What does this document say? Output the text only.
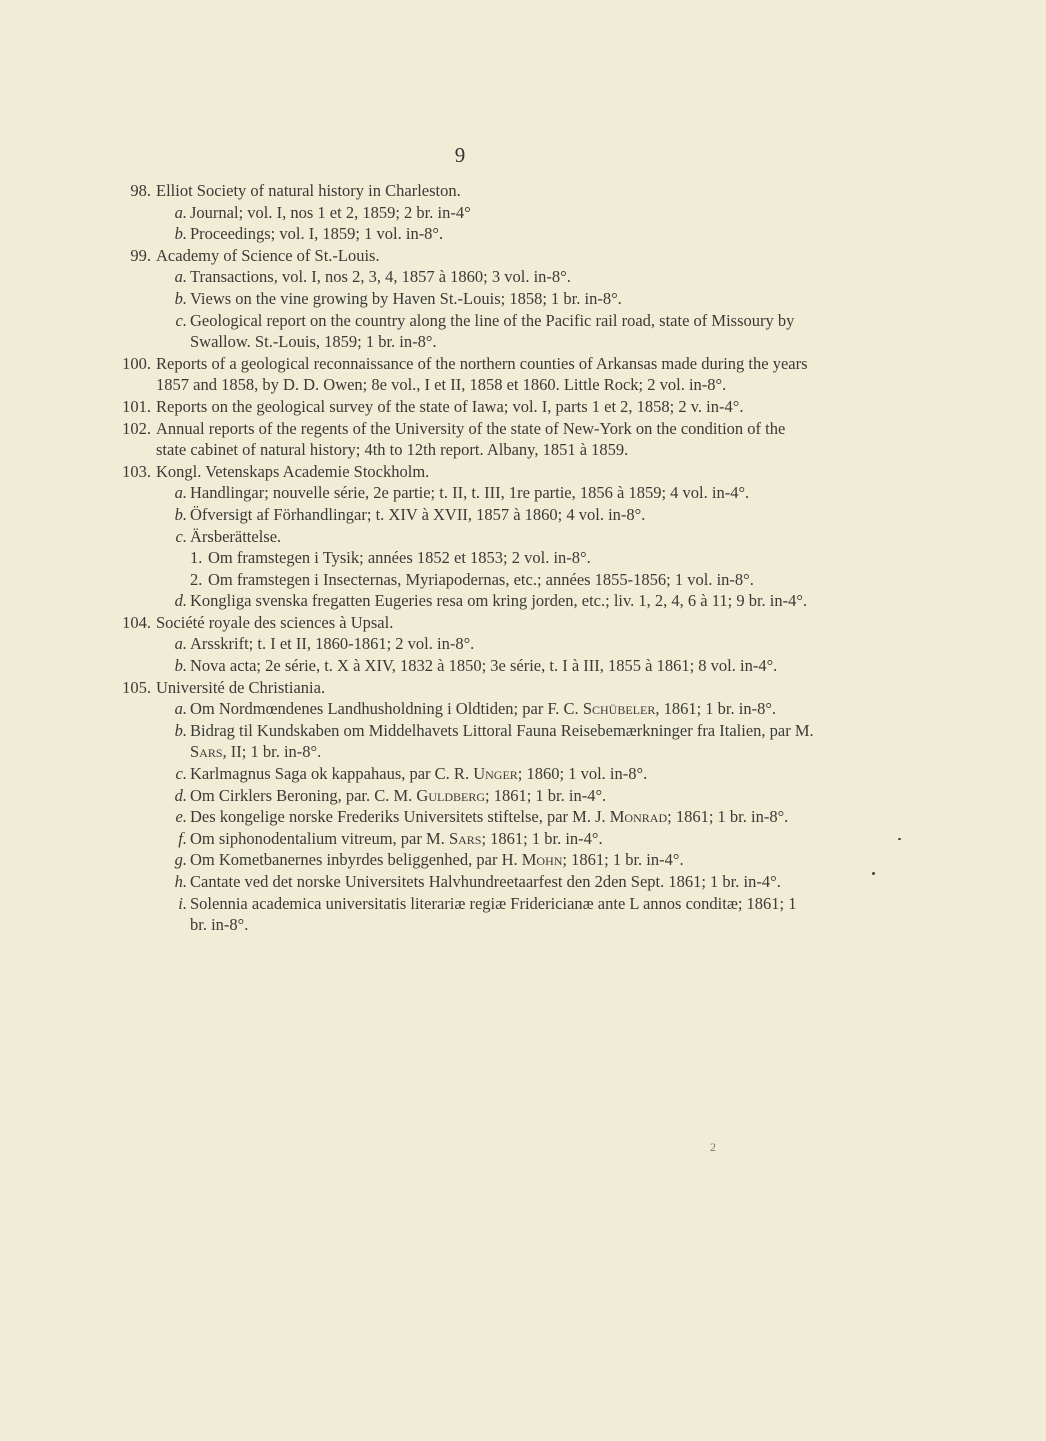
9
98. Elliot Society of natural history in Charleston.
a. Journal; vol. I, nos 1 et 2, 1859; 2 br. in-4°
b. Proceedings; vol. I, 1859; 1 vol. in-8°.
99. Academy of Science of St.-Louis.
a. Transactions, vol. I, nos 2, 3, 4, 1857 à 1860; 3 vol. in-8°.
b. Views on the vine growing by Haven St.-Louis; 1858; 1 br. in-8°.
c. Geological report on the country along the line of the Pacific rail road, state of Missoury by Swallow. St.-Louis, 1859; 1 br. in-8°.
100. Reports of a geological reconnaissance of the northern counties of Arkansas made during the years 1857 and 1858, by D. D. Owen; 8e vol., I et II, 1858 et 1860. Little Rock; 2 vol. in-8°.
101. Reports on the geological survey of the state of Iawa; vol. I, parts 1 et 2, 1858; 2 v. in-4°.
102. Annual reports of the regents of the University of the state of New-York on the condition of the state cabinet of natural history; 4th to 12th report. Albany, 1851 à 1859.
103. Kongl. Vetenskaps Academie Stockholm.
a. Handlingar; nouvelle série, 2e partie; t. II, t. III, 1re partie, 1856 à 1859; 4 vol. in-4°.
b. Öfversigt af Förhandlingar; t. XIV à XVII, 1857 à 1860; 4 vol. in-8°.
c. Ärsberättelse.
1. Om framstegen i Tysik; années 1852 et 1853; 2 vol. in-8°.
2. Om framstegen i Insecternas, Myriapodernas, etc.; années 1855-1856; 1 vol. in-8°.
d. Kongliga svenska fregatten Eugeries resa om kring jorden, etc.; liv. 1, 2, 4, 6 à 11; 9 br. in-4°.
104. Société royale des sciences à Upsal.
a. Arsskrift; t. I et II, 1860-1861; 2 vol. in-8°.
b. Nova acta; 2e série, t. X à XIV, 1832 à 1850; 3e série, t. I à III, 1855 à 1861; 8 vol. in-4°.
105. Université de Christiania.
a. Om Nordmœndenes Landhusholdning i Oldtiden; par F. C. Schübeler, 1861; 1 br. in-8°.
b. Bidrag til Kundskaben om Middelhavets Littoral Fauna Reisebemærkninger fra Italien, par M. Sars, II; 1 br. in-8°.
c. Karlmagnus Saga ok kappahaus, par C. R. Unger; 1860; 1 vol. in-8°.
d. Om Cirklers Beroning, par. C. M. Guldberg; 1861; 1 br. in-4°.
e. Des kongelige norske Frederiks Universitets stiftelse, par M. J. Monrad; 1861; 1 br. in-8°.
f. Om siphonodentalium vitreum, par M. Sars; 1861; 1 br. in-4°.
g. Om Kometbanernes inbyrdes beliggenhed, par H. Mohn; 1861; 1 br. in-4°.
h. Cantate ved det norske Universitets Halvhundreetaarfest den 2den Sept. 1861; 1 br. in-4°.
i. Solennia academica universitatis literariæ regiæ Fridericianæ ante L annos conditæ; 1861; 1 br. in-8°.
2
